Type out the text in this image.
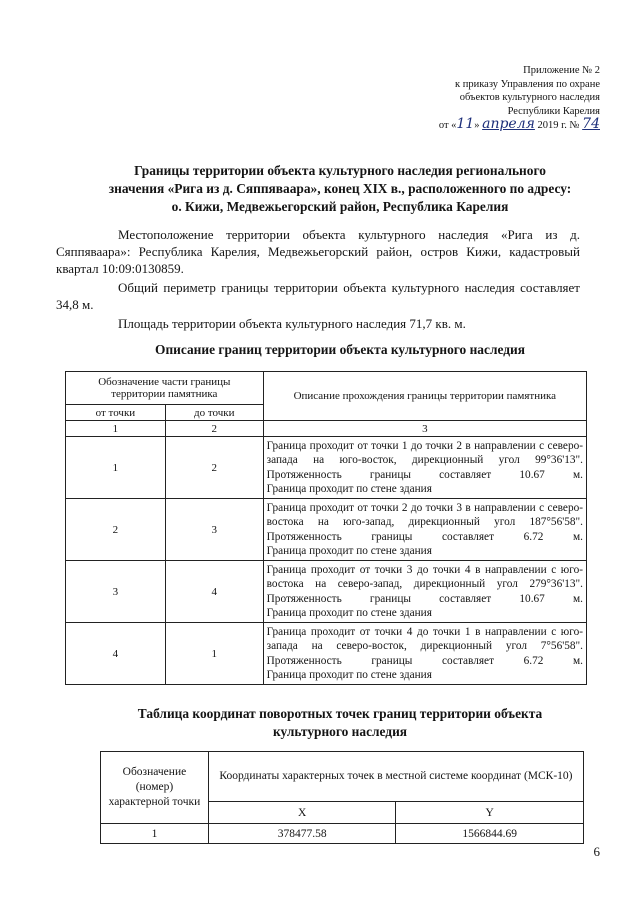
Приложение № 2
к приказу Управления по охране
объектов культурного наследия
Республики Карелия
от «11» апреля 2019 г. № 74
Границы территории объекта культурного наследия регионального
значения «Рига из д. Сяппяваара», конец XIX в., расположенного по адресу:
о. Кижи, Медвежьегорский район, Республика Карелия

Местоположение территории объекта культурного наследия «Рига из д. Сяппяваара»: Республика Карелия, Медвежьегорский район, остров Кижи, кадастровый квартал 10:09:0130859.

Общий периметр границы территории объекта культурного наследия составляет 34,8 м.

Площадь территории объекта культурного наследия 71,7 кв. м.

Описание границ территории объекта культурного наследия
Обозначение части границы территории памятника		Описание прохождения границы территории памятника
от точки	до точки	
1	2	3
1	2	Граница проходит от точки 1 до точки 2 в направлении с северо-запада на юго-восток, дирекционный угол 99°36'13". Протяженность границы составляет 10.67 м.
Граница проходит по стене здания

2	3	Граница проходит от точки 2 до точки 3 в направлении с северо-востока на юго-запад, дирекционный угол 187°56'58". Протяженность границы составляет 6.72 м.
Граница проходит по стене здания

3	4	Граница проходит от точки 3 до точки 4 в направлении с юго-востока на северо-запад, дирекционный угол 279°36'13". Протяженность границы составляет 10.67 м.
Граница проходит по стене здания

4	1	Граница проходит от точки 4 до точки 1 в направлении с юго-запада на северо-восток, дирекционный угол 7°56'58". Протяженность границы составляет 6.72 м.
Граница проходит по стене здания
Таблица координат поворотных точек границ территории объекта
культурного наследия
Обозначение (номер) характерной точки	Координаты характерных точек в местной системе координат (МСК-10)	
	X	Y
1	378477.58	1566844.69
6
